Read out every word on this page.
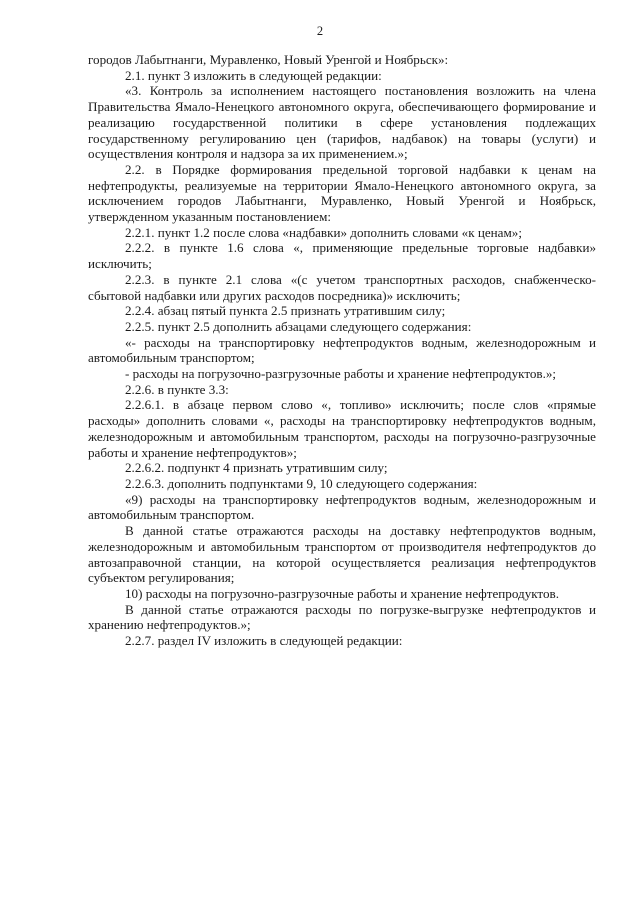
2

городов Лабытнанги, Муравленко, Новый Уренгой и Ноябрьск»:

2.1. пункт 3 изложить в следующей редакции:

«3. Контроль за исполнением настоящего постановления возложить на члена Правительства Ямало-Ненецкого автономного округа, обеспечивающего формирование и реализацию государственной политики в сфере установления подлежащих государственному регулированию цен (тарифов, надбавок) на товары (услуги) и осуществления контроля и надзора за их применением.»;

2.2. в Порядке формирования предельной торговой надбавки к ценам на нефтепродукты, реализуемые на территории Ямало-Ненецкого автономного округа, за исключением городов Лабытнанги, Муравленко, Новый Уренгой и Ноябрьск, утвержденном указанным постановлением:

2.2.1. пункт 1.2 после слова «надбавки» дополнить словами «к ценам»;

2.2.2. в пункте 1.6 слова «, применяющие предельные торговые надбавки» исключить;

2.2.3. в пункте 2.1 слова «(с учетом транспортных расходов, снабженческо-сбытовой надбавки или других расходов посредника)» исключить;

2.2.4. абзац пятый пункта 2.5 признать утратившим силу;

2.2.5. пункт 2.5 дополнить абзацами следующего содержания:

«- расходы на транспортировку нефтепродуктов водным, железнодорожным и автомобильным транспортом;

- расходы на погрузочно-разгрузочные работы и хранение нефтепродуктов.»;

2.2.6. в пункте 3.3:

2.2.6.1. в абзаце первом слово «, топливо» исключить; после слов «прямые расходы» дополнить словами «, расходы на транспортировку нефтепродуктов водным, железнодорожным и автомобильным транспортом, расходы на погрузочно-разгрузочные работы и хранение нефтепродуктов»;

2.2.6.2. подпункт 4 признать утратившим силу;

2.2.6.3. дополнить подпунктами 9, 10 следующего содержания:

«9) расходы на транспортировку нефтепродуктов водным, железнодорожным и автомобильным транспортом.

В данной статье отражаются расходы на доставку нефтепродуктов водным, железнодорожным и автомобильным транспортом от производителя нефтепродуктов до автозаправочной станции, на которой осуществляется реализация нефтепродуктов субъектом регулирования;

10) расходы на погрузочно-разгрузочные работы и хранение нефтепродуктов.

В данной статье отражаются расходы по погрузке-выгрузке нефтепродуктов и хранению нефтепродуктов.»;

2.2.7. раздел IV изложить в следующей редакции:
